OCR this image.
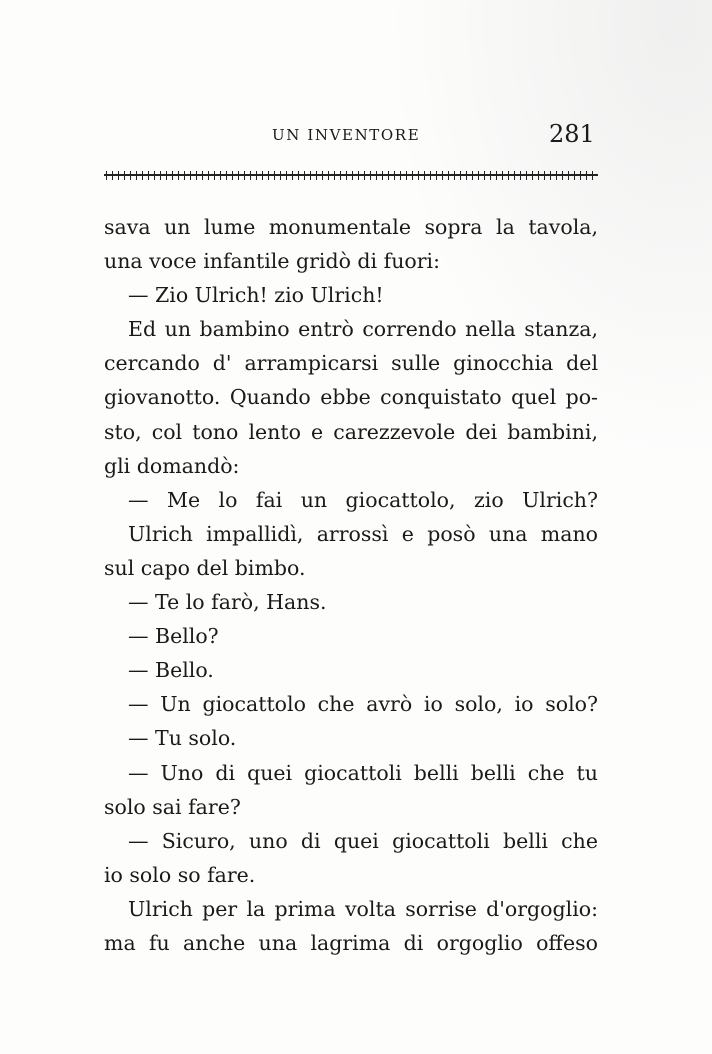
UN INVENTORE	281
sava un lume monumentale sopra la tavola,
una voce infantile gridò di fuori:
— Zio Ulrich! zio Ulrich!
Ed un bambino entrò correndo nella stanza,
cercando d' arrampicarsi sulle ginocchia del
giovanotto. Quando ebbe conquistato quel po-
sto, col tono lento e carezzevole dei bambini,
gli domandò:
— Me lo fai un giocattolo, zio Ulrich?
Ulrich impallidì, arrossì e posò una mano
sul capo del bimbo.
— Te lo farò, Hans.
— Bello?
— Bello.
— Un giocattolo che avrò io solo, io solo?
— Tu solo.
— Uno di quei giocattoli belli belli che tu
solo sai fare?
— Sicuro, uno di quei giocattoli belli che
io solo so fare.
Ulrich per la prima volta sorrise d'orgoglio:
ma fu anche una lagrima di orgoglio offeso
